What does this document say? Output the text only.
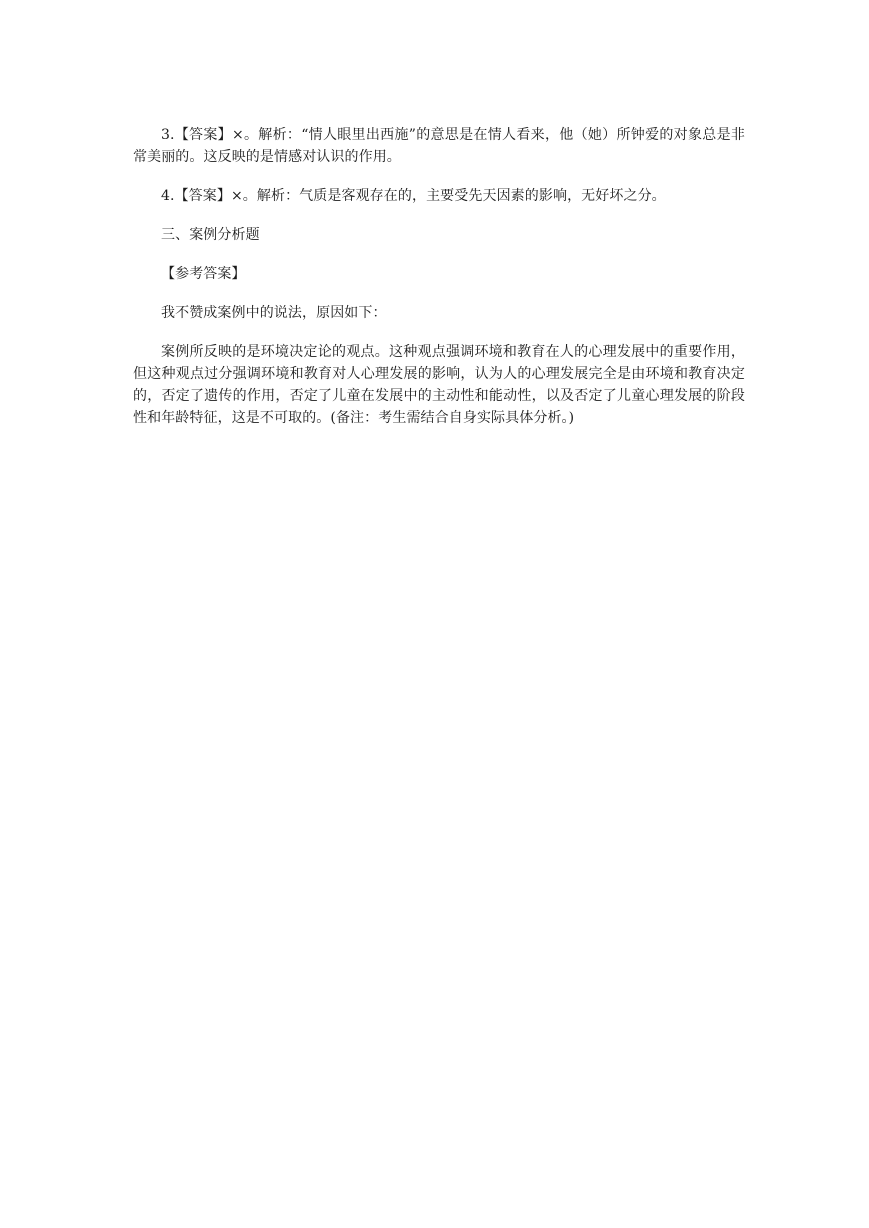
3.【答案】×。解析：“情人眼里出西施”的意思是在情人看来，他（她）所钟爱的对象总是非常美丽的。这反映的是情感对认识的作用。

4.【答案】×。解析：气质是客观存在的，主要受先天因素的影响，无好坏之分。

三、案例分析题

【参考答案】

我不赞成案例中的说法，原因如下：

案例所反映的是环境决定论的观点。这种观点强调环境和教育在人的心理发展中的重要作用，但这种观点过分强调环境和教育对人心理发展的影响，认为人的心理发展完全是由环境和教育决定的，否定了遗传的作用，否定了儿童在发展中的主动性和能动性，以及否定了儿童心理发展的阶段性和年龄特征，这是不可取的。(备注：考生需结合自身实际具体分析。)
